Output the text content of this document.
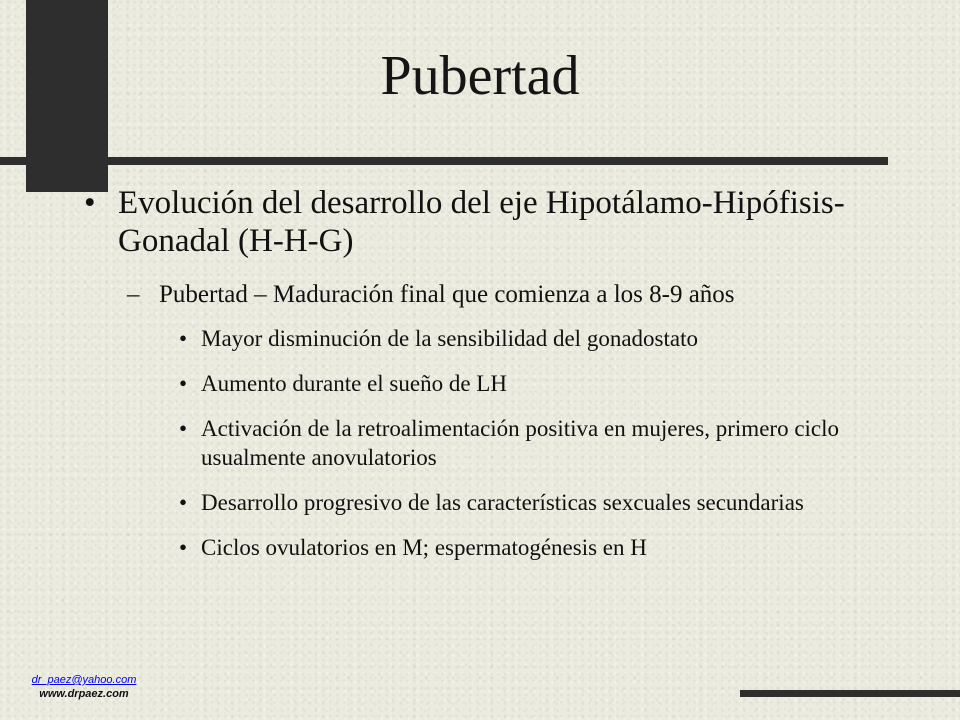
Pubertad
• Evolución del desarrollo del eje Hipotálamo-Hipófisis-Gonadal (H-H-G)
– Pubertad – Maduración final que comienza a los 8-9 años
• Mayor disminución de la sensibilidad del gonadostato
• Aumento durante el sueño de LH
• Activación de la retroalimentación positiva en mujeres, primero ciclo usualmente anovulatorios
• Desarrollo progresivo de las características sexcuales secundarias
• Ciclos ovulatorios en M; espermatogénesis en H
dr_paez@yahoo.com
www.drpaez.com
